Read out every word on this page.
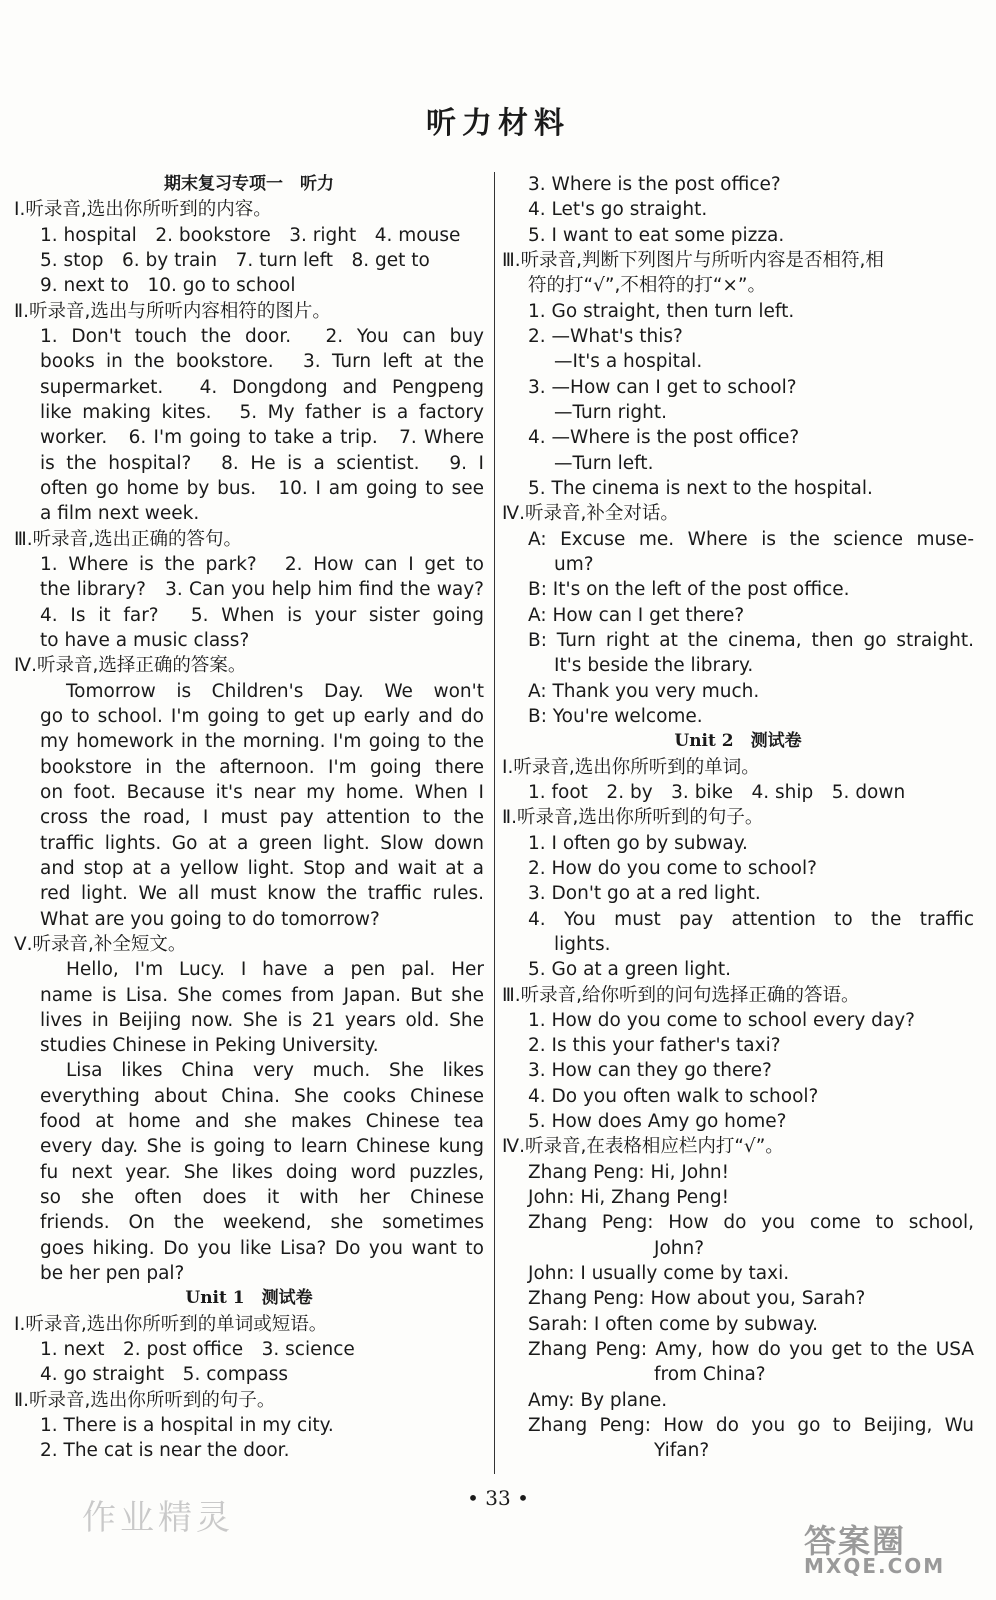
听力材料
期末复习专项一　听力
Ⅰ.听录音,选出你所听到的内容。
1. hospital　2. bookstore　3. right　4. mouse
5. stop　6. by train　7. turn left　8. get to
9. next to　10. go to school
Ⅱ.听录音,选出与所听内容相符的图片。
1. Don't touch the door.　2. You can buy
books in the bookstore.　3. Turn left at the
supermarket.　4. Dongdong and Pengpeng
like making kites.　5. My father is a factory
worker.　6. I'm going to take a trip.　7. Where
is the hospital?　8. He is a scientist.　9. I
often go home by bus.　10. I am going to see
a film next week.
Ⅲ.听录音,选出正确的答句。
1. Where is the park?　2. How can I get to
the library?　3. Can you help him find the way?
4. Is it far?　5. When is your sister going
to have a music class?
Ⅳ.听录音,选择正确的答案。
Tomorrow is Children's Day. We won't
go to school. I'm going to get up early and do
my homework in the morning. I'm going to the
bookstore in the afternoon. I'm going there
on foot. Because it's near my home. When I
cross the road, I must pay attention to the
traffic lights. Go at a green light. Slow down
and stop at a yellow light. Stop and wait at a
red light. We all must know the traffic rules.
What are you going to do tomorrow?
Ⅴ.听录音,补全短文。
Hello, I'm Lucy. I have a pen pal. Her
name is Lisa. She comes from Japan. But she
lives in Beijing now. She is 21 years old. She
studies Chinese in Peking University.
Lisa likes China very much. She likes
everything about China. She cooks Chinese
food at home and she makes Chinese tea
every day. She is going to learn Chinese kung
fu next year. She likes doing word puzzles,
so she often does it with her Chinese
friends. On the weekend, she sometimes
goes hiking. Do you like Lisa? Do you want to
be her pen pal?
Unit 1　测试卷
Ⅰ.听录音,选出你所听到的单词或短语。
1. next　2. post office　3. science
4. go straight　5. compass
Ⅱ.听录音,选出你所听到的句子。
1. There is a hospital in my city.
2. The cat is near the door.
3. Where is the post office?
4. Let's go straight.
5. I want to eat some pizza.
Ⅲ.听录音,判断下列图片与所听内容是否相符,相
符的打“√”,不相符的打“×”。
1. Go straight, then turn left.
2. —What's this?
—It's a hospital.
3. —How can I get to school?
—Turn right.
4. —Where is the post office?
—Turn left.
5. The cinema is next to the hospital.
Ⅳ.听录音,补全对话。
A: Excuse me. Where is the science muse-
um?
B: It's on the left of the post office.
A: How can I get there?
B: Turn right at the cinema, then go straight.
It's beside the library.
A: Thank you very much.
B: You're welcome.
Unit 2　测试卷
Ⅰ.听录音,选出你所听到的单词。
1. foot　2. by　3. bike　4. ship　5. down
Ⅱ.听录音,选出你所听到的句子。
1. I often go by subway.
2. How do you come to school?
3. Don't go at a red light.
4. You must pay attention to the traffic
lights.
5. Go at a green light.
Ⅲ.听录音,给你听到的问句选择正确的答语。
1. How do you come to school every day?
2. Is this your father's taxi?
3. How can they go there?
4. Do you often walk to school?
5. How does Amy go home?
Ⅳ.听录音,在表格相应栏内打“√”。
Zhang Peng: Hi, John!
John: Hi, Zhang Peng!
Zhang Peng: How do you come to school,
John?
John: I usually come by taxi.
Zhang Peng: How about you, Sarah?
Sarah: I often come by subway.
Zhang Peng: Amy, how do you get to the USA
from China?
Amy: By plane.
Zhang Peng: How do you go to Beijing, Wu
Yifan?
作业精灵	• 33 •
答案圈
MXQE.COM
